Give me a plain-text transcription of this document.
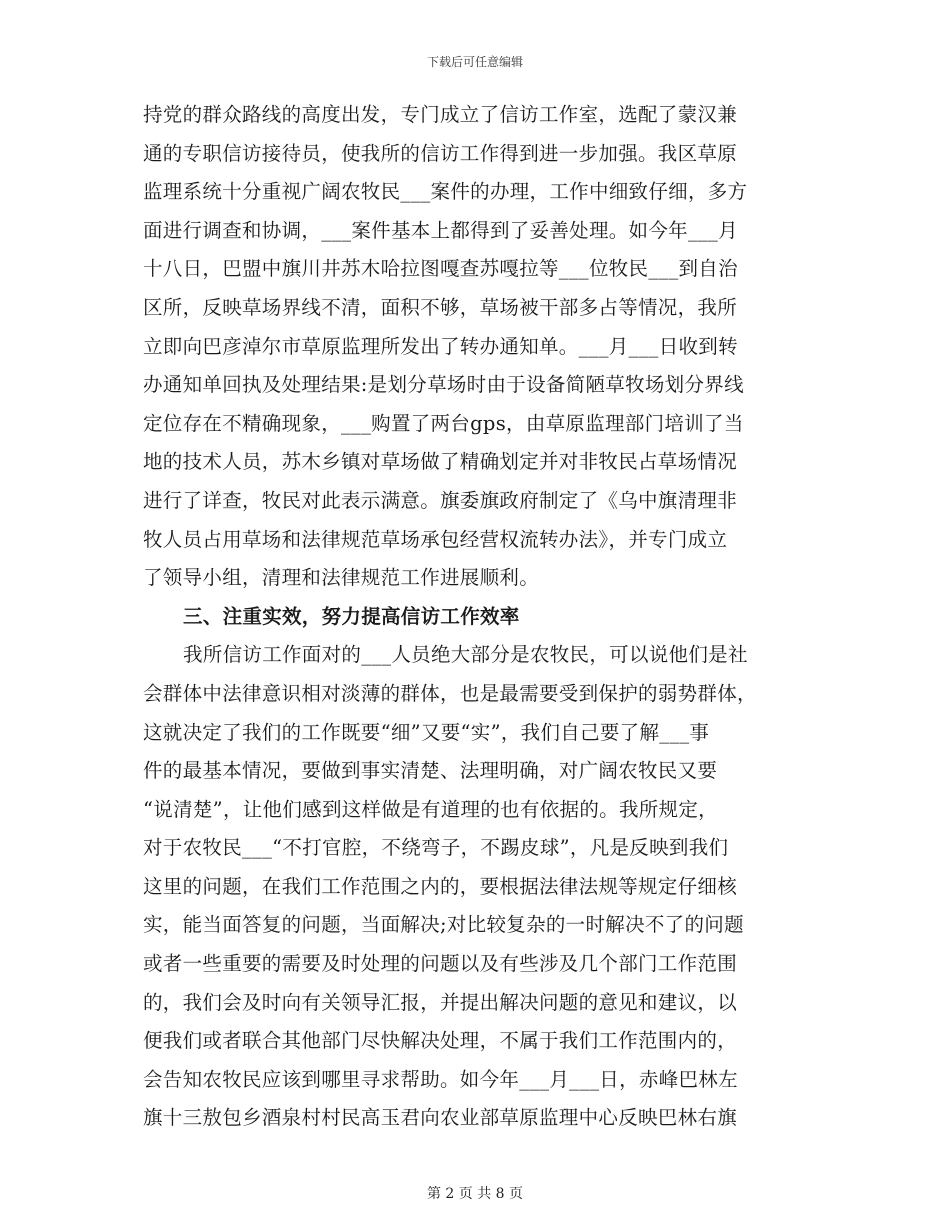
下载后可任意编辑
持党的群众路线的高度出发，专门成立了信访工作室，选配了蒙汉兼
通的专职信访接待员，使我所的信访工作得到进一步加强。我区草原
监理系统十分重视广阔农牧民___案件的办理，工作中细致仔细，多方
面进行调查和协调，___案件基本上都得到了妥善处理。如今年___月
十八日，巴盟中旗川井苏木哈拉图嘎查苏嘎拉等___位牧民___到自治
区所，反映草场界线不清，面积不够，草场被干部多占等情况，我所
立即向巴彦淖尔市草原监理所发出了转办通知单。___月___日收到转
办通知单回执及处理结果:是划分草场时由于设备简陋草牧场划分界线
定位存在不精确现象，___购置了两台gps，由草原监理部门培训了当
地的技术人员，苏木乡镇对草场做了精确划定并对非牧民占草场情况
进行了详查，牧民对此表示满意。旗委旗政府制定了《乌中旗清理非
牧人员占用草场和法律规范草场承包经营权流转办法》，并专门成立
了领导小组，清理和法律规范工作进展顺利。
三、注重实效，努力提高信访工作效率
我所信访工作面对的___人员绝大部分是农牧民，可以说他们是社
会群体中法律意识相对淡薄的群体，也是最需要受到保护的弱势群体，
这就决定了我们的工作既要“细”又要“实”，我们自己要了解___事
件的最基本情况，要做到事实清楚、法理明确，对广阔农牧民又要
“说清楚”，让他们感到这样做是有道理的也有依据的。我所规定，
对于农牧民___“不打官腔，不绕弯子，不踢皮球”，凡是反映到我们
这里的问题，在我们工作范围之内的，要根据法律法规等规定仔细核
实，能当面答复的问题，当面解决;对比较复杂的一时解决不了的问题
或者一些重要的需要及时处理的问题以及有些涉及几个部门工作范围
的，我们会及时向有关领导汇报，并提出解决问题的意见和建议，以
便我们或者联合其他部门尽快解决处理，不属于我们工作范围内的，
会告知农牧民应该到哪里寻求帮助。如今年___月___日，赤峰巴林左
旗十三敖包乡酒泉村村民高玉君向农业部草原监理中心反映巴林右旗
第 2 页 共 8 页
